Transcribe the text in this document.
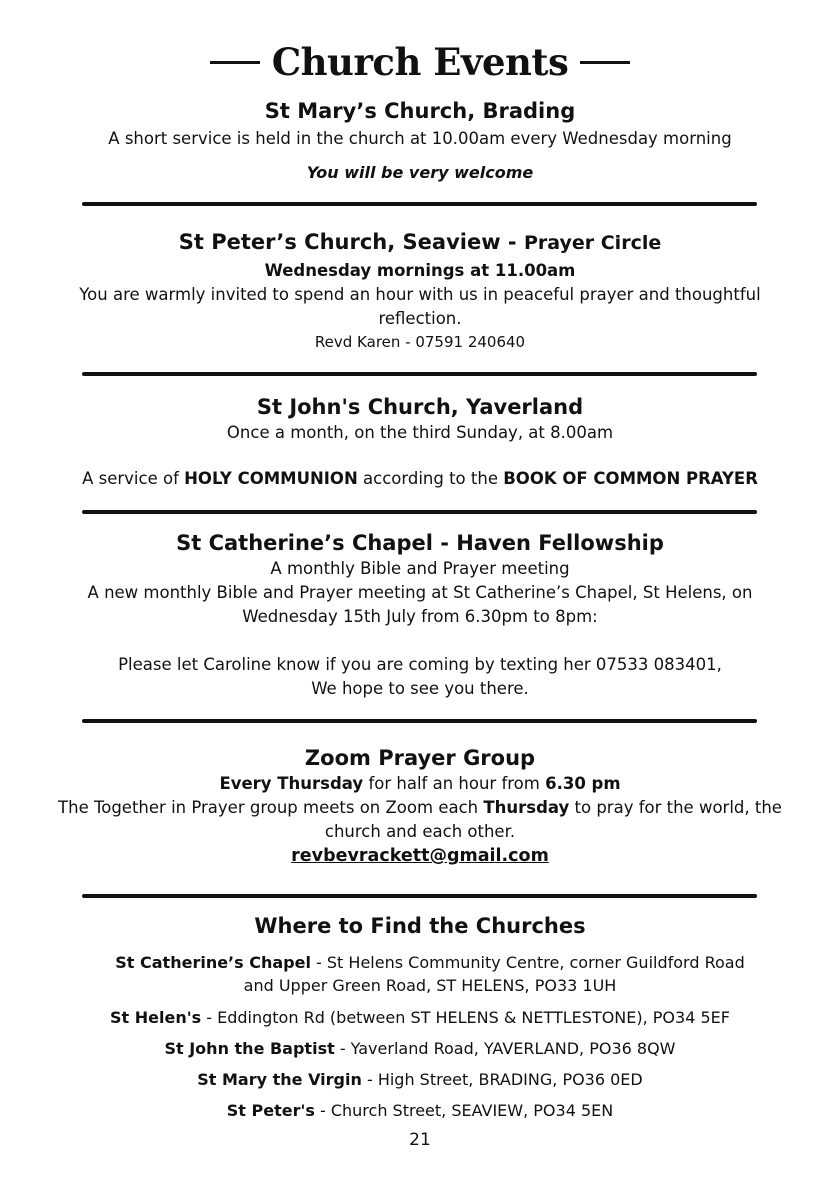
Church Events
St Mary’s Church, Brading
A short service is held in the church at 10.00am every Wednesday morning
You will be very welcome
St Peter’s Church, Seaview - Prayer Circle
Wednesday mornings at 11.00am
You are warmly invited to spend an hour with us in peaceful prayer and thoughtful reflection.
Revd Karen - 07591 240640
St John's Church, Yaverland
Once a month, on the third Sunday, at 8.00am
A service of HOLY COMMUNION according to the BOOK OF COMMON PRAYER
St Catherine’s Chapel - Haven Fellowship
A monthly Bible and Prayer meeting
A new monthly Bible and Prayer meeting at St Catherine’s Chapel, St Helens, on Wednesday 15th July from 6.30pm to 8pm:
Please let Caroline know if you are coming by texting her 07533 083401,
We hope to see you there.
Zoom Prayer Group
Every Thursday for half an hour from 6.30 pm
The Together in Prayer group meets on Zoom each Thursday to pray for the world, the church and each other.
revbevrackett@gmail.com
Where to Find the Churches
St Catherine’s Chapel - St Helens Community Centre, corner Guildford Road and Upper Green Road, ST HELENS, PO33 1UH
St Helen's - Eddington Rd (between ST HELENS & NETTLESTONE), PO34 5EF
St John the Baptist - Yaverland Road, YAVERLAND, PO36 8QW
St Mary the Virgin - High Street, BRADING, PO36 0ED
St Peter's - Church Street, SEAVIEW, PO34 5EN
21
